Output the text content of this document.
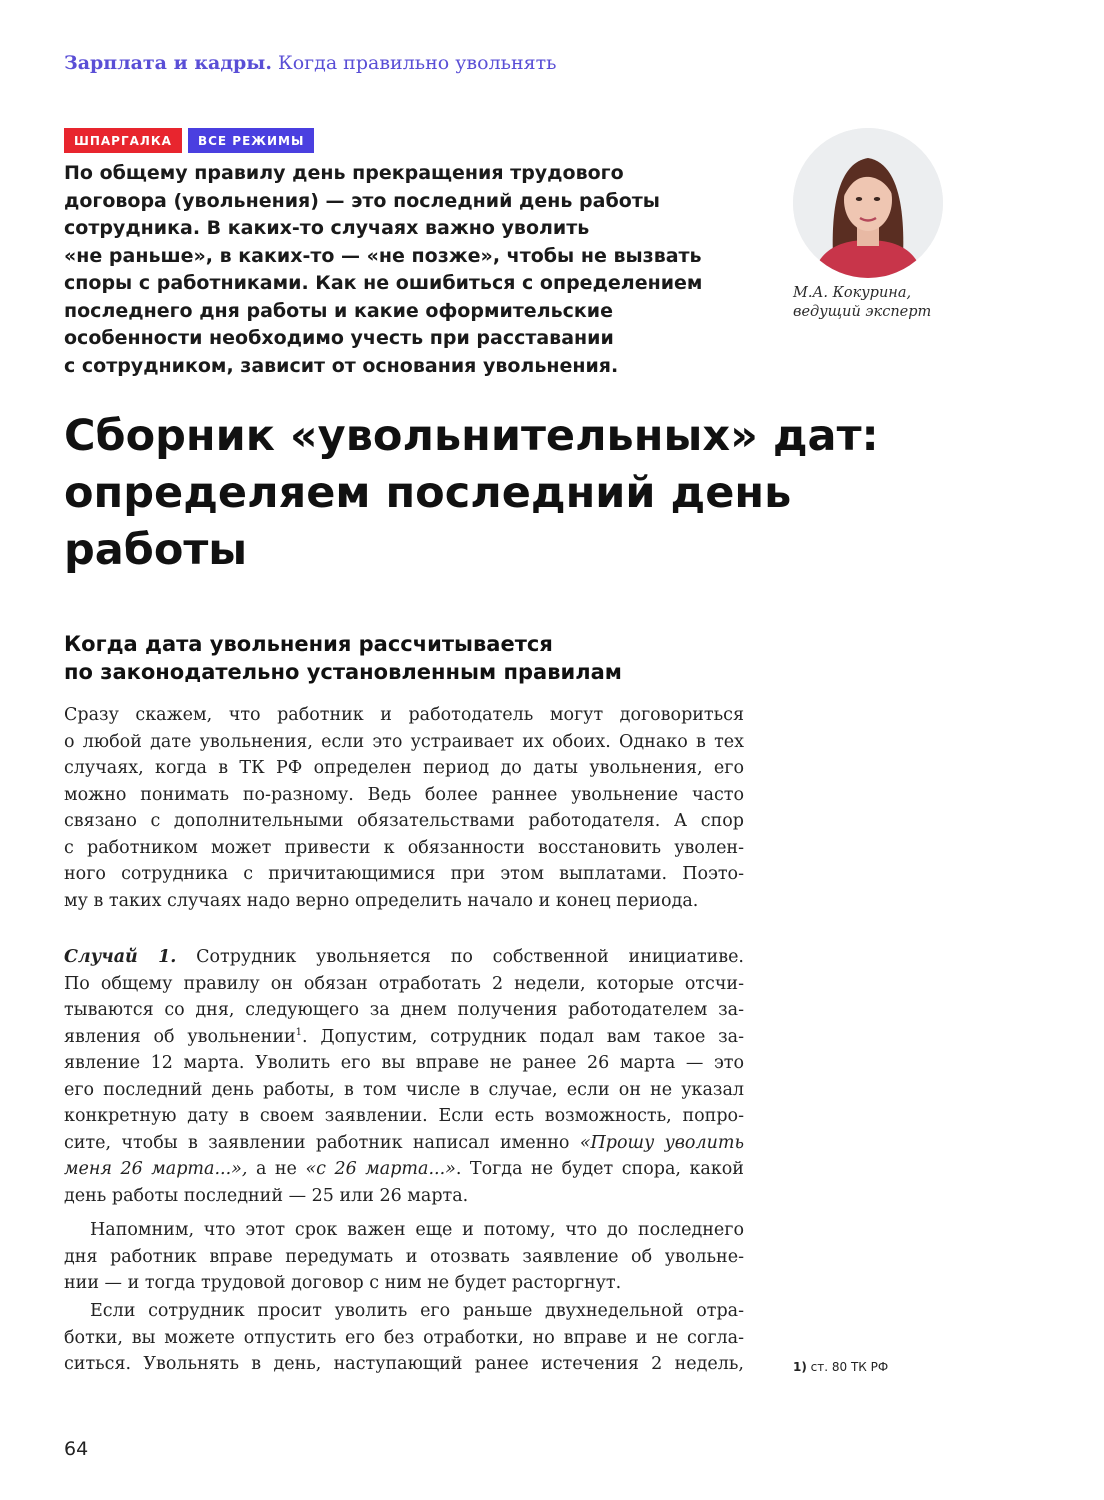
Зарплата и кадры. Когда правильно увольнять
ШПАРГАЛКА	ВСЕ РЕЖИМЫ

По общему правилу день прекращения трудового

договора (увольнения) — это последний день работы

сотрудника. В каких-то случаях важно уволить

«не раньше», в каких-то — «не позже», чтобы не вызвать

споры с работниками. Как не ошибиться с определением

последнего дня работы и какие оформительские

особенности необходимо учесть при расставании

с сотрудником, зависит от основания увольнения.

М.А. Кокурина,
ведущий эксперт
Сборник «увольнительных» дат:
определяем последний день
работы
Когда дата увольнения рассчитывается
по законодательно установленным правилам
Сразу скажем, что работник и работодатель могут договориться
о любой дате увольнения, если это устраивает их обоих. Однако в тех
случаях, когда в ТК РФ определен период до даты увольнения, его
можно понимать по-разному. Ведь более раннее увольнение часто
связано с дополнительными обязательствами работодателя. А спор
с работником может привести к обязанности восстановить уволен-
ного сотрудника с причитающимися при этом выплатами. Поэто-
му в таких случаях надо верно определить начало и конец периода.
Случай 1. Сотрудник увольняется по собственной инициативе.
По общему правилу он обязан отработать 2 недели, которые отсчи-
тываются со дня, следующего за днем получения работодателем за-
явления об увольнении$^1$. Допустим, сотрудник подал вам такое за-
явление 12 марта. Уволить его вы вправе не ранее 26 марта — это
его последний день работы, в том числе в случае, если он не указал
конкретную дату в своем заявлении. Если есть возможность, попро-
сите, чтобы в заявлении работник написал именно «Прошу уволить
меня 26 марта...», а не «с 26 марта...». Тогда не будет спора, какой
день работы последний — 25 или 26 марта.
Напомним, что этот срок важен еще и потому, что до последнего
дня работник вправе передумать и отозвать заявление об увольне-
нии — и тогда трудовой договор с ним не будет расторгнут.
Если сотрудник просит уволить его раньше двухнедельной отра-
ботки, вы можете отпустить его без отработки, но вправе и не согла-
ситься. Увольнять в день, наступающий ранее истечения 2 недель,	1) ст. 80 ТК РФ
64
